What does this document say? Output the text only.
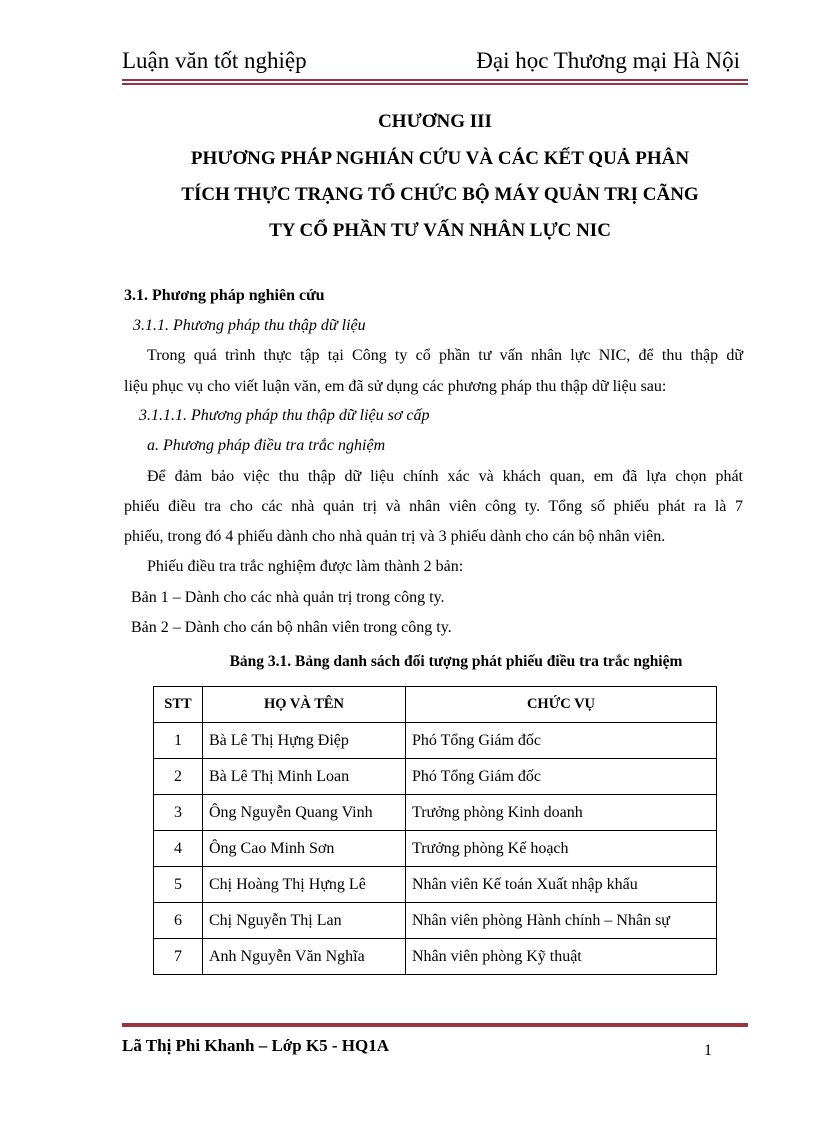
Luận văn tốt nghiệp	Đại học Thương mại Hà Nội
CHƯƠNG III
PHƯƠNG PHÁP NGHIÁN CỨU VÀ CÁC KẾT QUẢ PHÂN
TÍCH THỰC TRẠNG TỔ CHỨC BỘ MÁY QUẢN TRỊ CÃNG
TY CỔ PHẦN TƯ VẤN NHÂN LỰC NIC
3.1. Phương pháp nghiên cứu
3.1.1. Phương pháp thu thập dữ liệu
Trong quá trình thực tập tại Công ty cổ phần tư vấn nhân lực NIC, để thu thập dữ
liệu phục vụ cho viết luận văn, em đã sử dụng các phương pháp thu thập dữ liệu sau:
3.1.1.1. Phương pháp thu thập dữ liệu sơ cấp
a. Phương pháp điều tra trắc nghiệm
Để đảm bảo việc thu thập dữ liệu chính xác và khách quan, em đã lựa chọn phát
phiếu điều tra cho các nhà quản trị và nhân viên công ty. Tổng số phiếu phát ra là 7
phiếu, trong đó 4 phiếu dành cho nhà quản trị và 3 phiếu dành cho cán bộ nhân viên.
Phiếu điều tra trắc nghiệm được làm thành 2 bản:
Bản 1 – Dành cho các nhà quản trị trong công ty.
Bản 2 – Dành cho cán bộ nhân viên trong công ty.
Bảng 3.1. Bảng danh sách đối tượng phát phiếu điều tra trắc nghiệm
STT	HỌ VÀ TÊN	CHỨC VỤ
1	Bà Lê Thị Hựng Điệp	Phó Tổng Giám đốc
2	Bà Lê Thị Minh Loan	Phó Tổng Giám đốc
3	Ông Nguyễn Quang Vinh	Trưởng phòng Kinh doanh
4	Ông Cao Minh Sơn	Trưởng phòng Kế hoạch
5	Chị Hoàng Thị Hựng Lê	Nhân viên Kế toán Xuất nhập khẩu
6	Chị Nguyễn Thị Lan	Nhân viên phòng Hành chính – Nhân sự
7	Anh Nguyễn Văn Nghĩa	Nhân viên phòng Kỹ thuật
Lã Thị Phi Khanh – Lớp K5 - HQ1A	1
